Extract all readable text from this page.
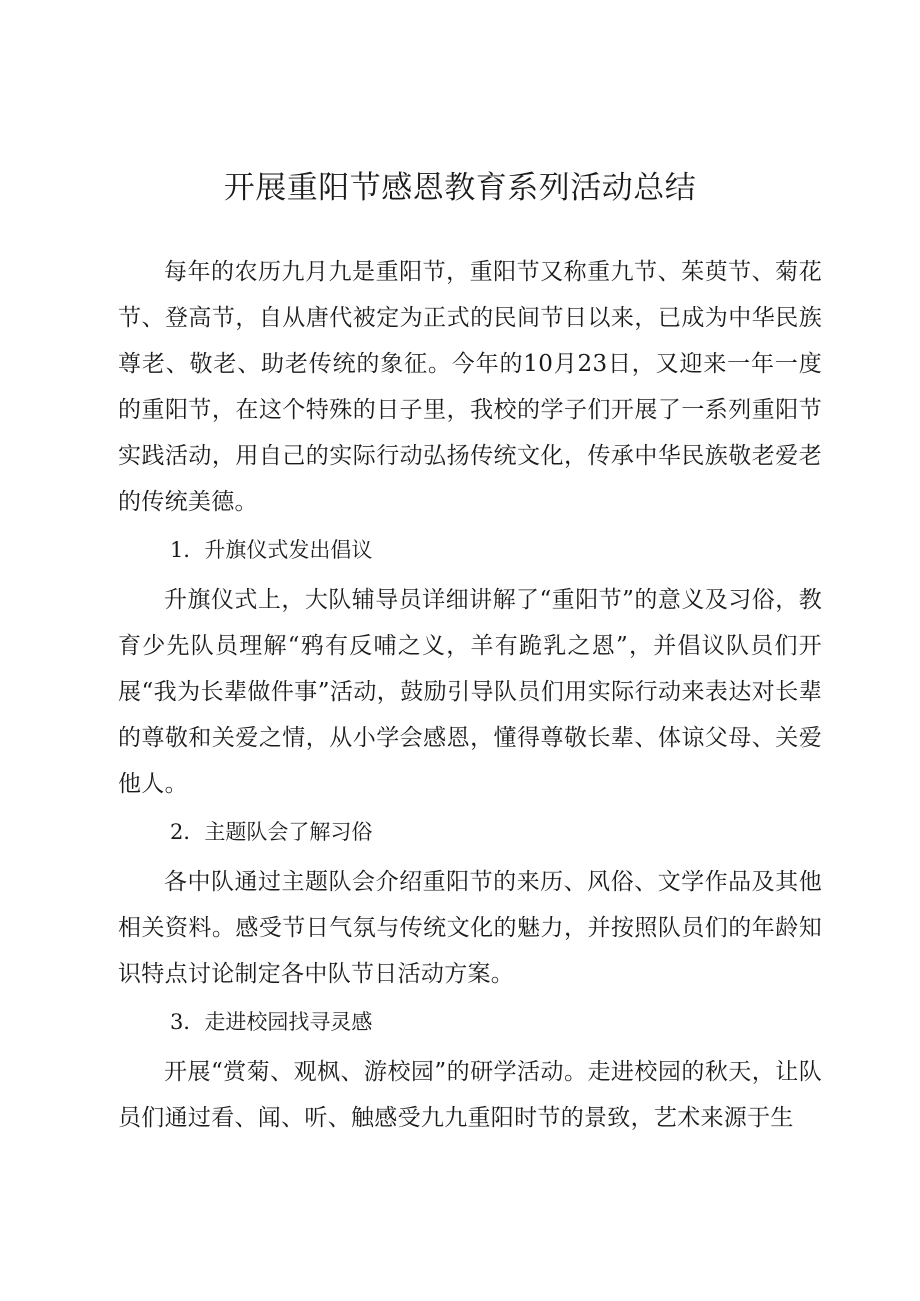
开展重阳节感恩教育系列活动总结

每年的农历九月九是重阳节，重阳节又称重九节、茱萸节、菊花节、登高节，自从唐代被定为正式的民间节日以来，已成为中华民族尊老、敬老、助老传统的象征。今年的10月23日，又迎来一年一度的重阳节，在这个特殊的日子里，我校的学子们开展了一系列重阳节实践活动，用自己的实际行动弘扬传统文化，传承中华民族敬老爱老的传统美德。

1．升旗仪式发出倡议

升旗仪式上，大队辅导员详细讲解了“重阳节”的意义及习俗，教育少先队员理解“鸦有反哺之义，羊有跪乳之恩”，并倡议队员们开展“我为长辈做件事”活动，鼓励引导队员们用实际行动来表达对长辈的尊敬和关爱之情，从小学会感恩，懂得尊敬长辈、体谅父母、关爱他人。

2．主题队会了解习俗

各中队通过主题队会介绍重阳节的来历、风俗、文学作品及其他相关资料。感受节日气氛与传统文化的魅力，并按照队员们的年龄知识特点讨论制定各中队节日活动方案。

3．走进校园找寻灵感

开展“赏菊、观枫、游校园”的研学活动。走进校园的秋天，让队员们通过看、闻、听、触感受九九重阳时节的景致，艺术来源于生
